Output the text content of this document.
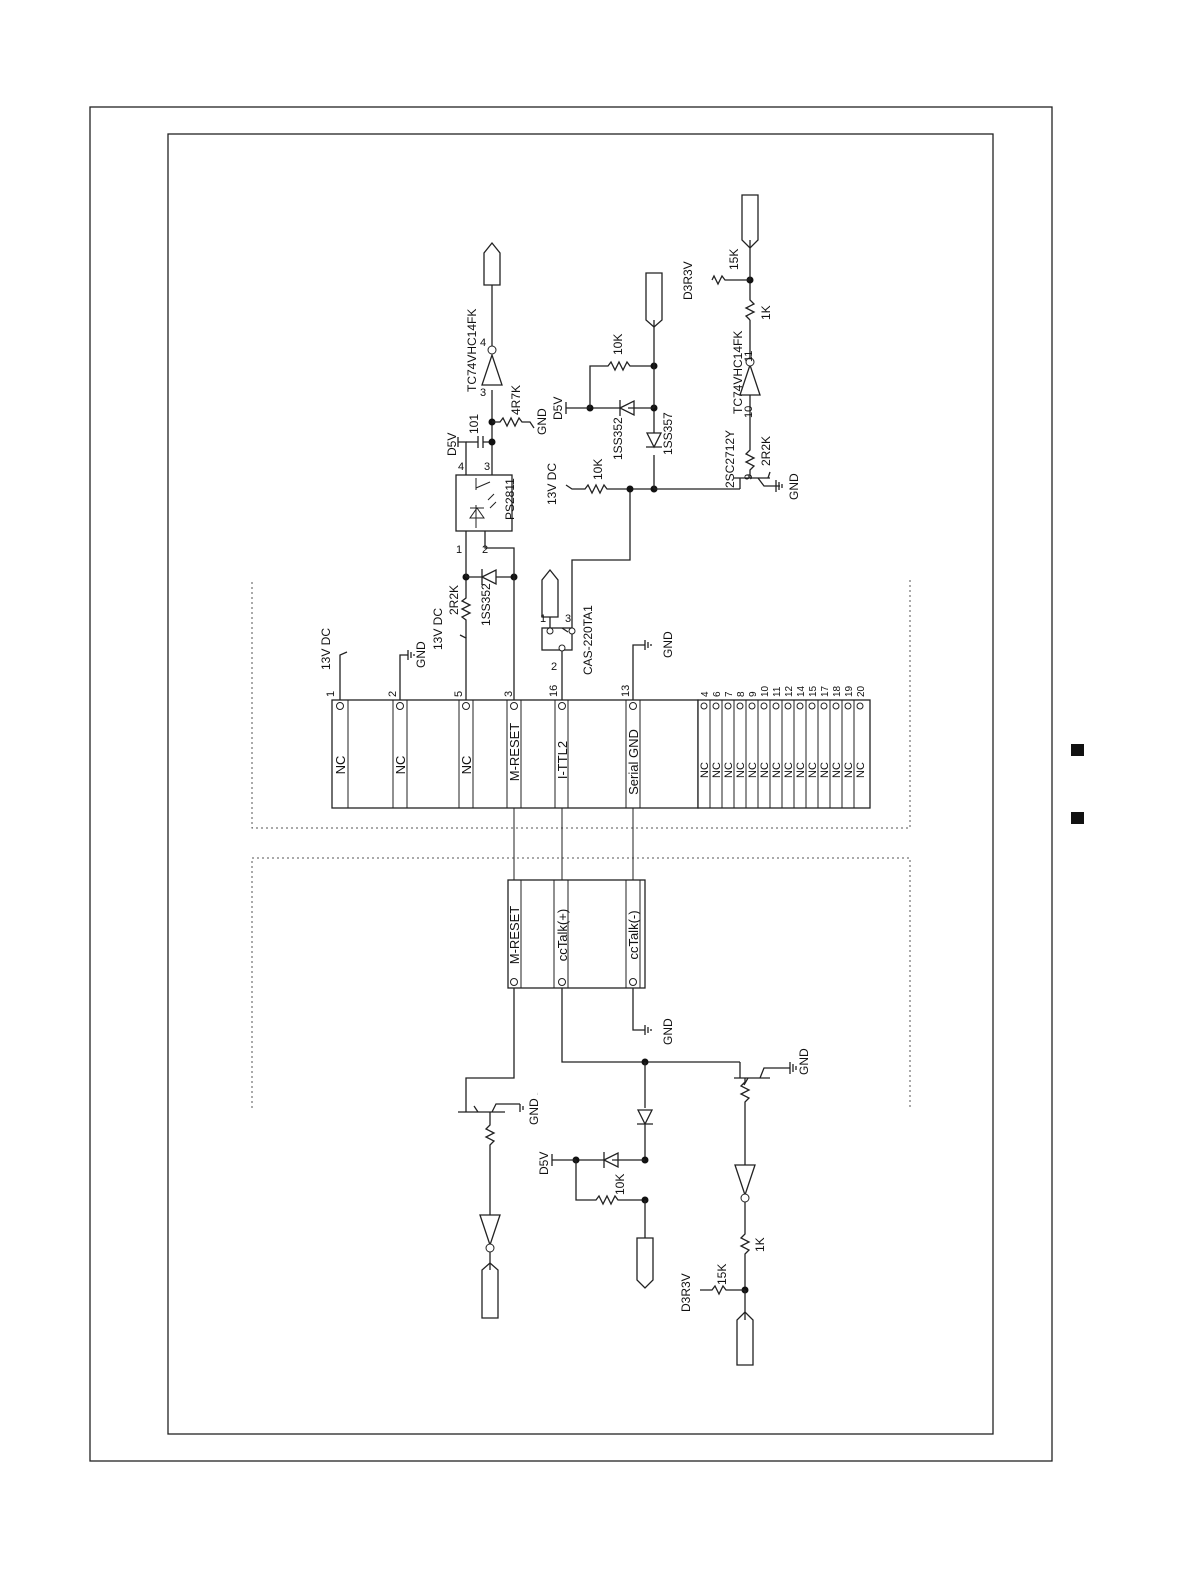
NC	NC	NC	M-RESET	I-TTL2	Serial GND	NC
4
NC
6
NC
7
NC
8
NC
9
NC
10
NC
11
NC
12
NC
14
NC
15
NC
17
NC
18
NC
19
NC
20
1	2	5	3	16	13
13V DC	GND
13V DC
2R2K 1SS352
1 2
3
4
PS2811
D5V
101
4R7K
GND
3
4
TC74VHC14FK
1
2
3 CAS-220TA1	GND
13V DC	10K
1SS357
1SS352
D5V
10K
2SC2712Y 2R2K
GND
10
11
9
TC74VHC14FK
1K
15K
D3R3V
M-RESET	ccTalk(+)	ccTalk(-)
GND
GND
D5V
10K
GND
1K
15K
D3R3V
GND
